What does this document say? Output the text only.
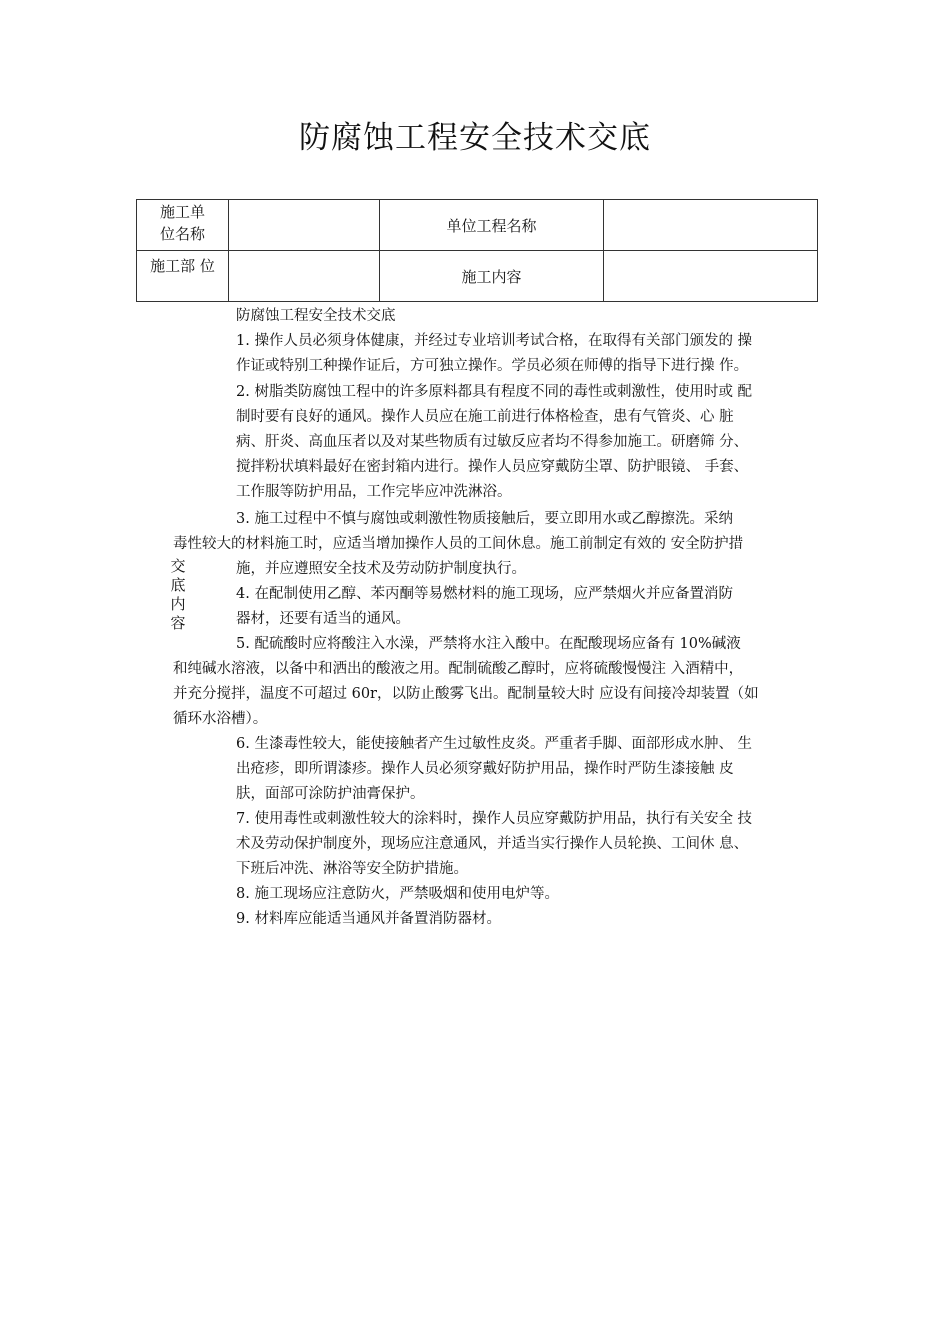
防腐蚀工程安全技术交底
施工单
位名称		单位工程名称	
施工部 位		施工内容	
交
底
内
容
防腐蚀工程安全技术交底
1. 操作人员必须身体健康，并经过专业培训考试合格，在取得有关部门颁发的 操
作证或特别工种操作证后，方可独立操作。学员必须在师傅的指导下进行操 作。
2. 树脂类防腐蚀工程中的许多原料都具有程度不同的毒性或刺激性，使用时或 配
制时要有良好的通风。操作人员应在施工前进行体格检查，患有气管炎、心 脏
病、肝炎、高血压者以及对某些物质有过敏反应者均不得参加施工。研磨筛 分、
搅拌粉状填料最好在密封箱内进行。操作人员应穿戴防尘罩、防护眼镜、 手套、
工作服等防护用品，工作完毕应冲洗淋浴。
3. 施工过程中不慎与腐蚀或刺激性物质接触后，要立即用水或乙醇擦洗。采纳
毒性较大的材料施工时，应适当增加操作人员的工间休息。施工前制定有效的 安全防护措
施，并应遵照安全技术及劳动防护制度执行。
4. 在配制使用乙醇、苯丙酮等易燃材料的施工现场，应严禁烟火并应备置消防
器材，还要有适当的通风。
5. 配硫酸时应将酸注入水澡，严禁将水注入酸中。在配酸现场应备有 10%碱液
和纯碱水溶液，以备中和洒出的酸液之用。配制硫酸乙醇时，应将硫酸慢慢注 入酒精中，
并充分搅拌，温度不可超过 60r，以防止酸雾飞出。配制量较大时 应设有间接冷却装置（如
循环水浴槽）。
6. 生漆毒性较大，能使接触者产生过敏性皮炎。严重者手脚、面部形成水肿、 生
出疮疹，即所谓漆疹。操作人员必须穿戴好防护用品，操作时严防生漆接触 皮
肤，面部可涂防护油膏保护。
7. 使用毒性或刺激性较大的涂料时，操作人员应穿戴防护用品，执行有关安全 技
术及劳动保护制度外，现场应注意通风，并适当实行操作人员轮换、工间休 息、
下班后冲洗、淋浴等安全防护措施。
8. 施工现场应注意防火，严禁吸烟和使用电炉等。
9. 材料库应能适当通风并备置消防器材。
